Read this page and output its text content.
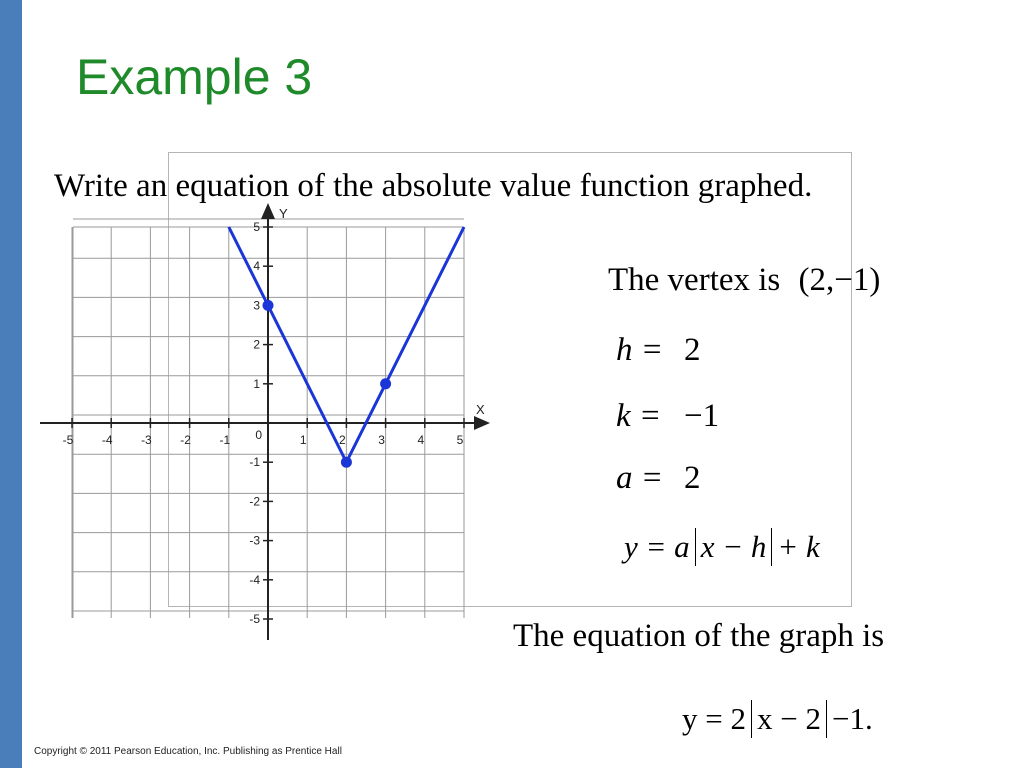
Example 3
-5 -4 -3 -2 -1	1	2	3	4	5
5
4
3
2
1
-1
-2
-3
-4
-5
0
X
Y
Write an equation of the absolute value function graphed.
The vertex is (2,−1)
h = 2
k = −1
a = 2
y = a x − h + k
The equation of the graph is
y = 2 x − 2 −1.
Copyright © 2011 Pearson Education, Inc. Publishing as Prentice Hall
